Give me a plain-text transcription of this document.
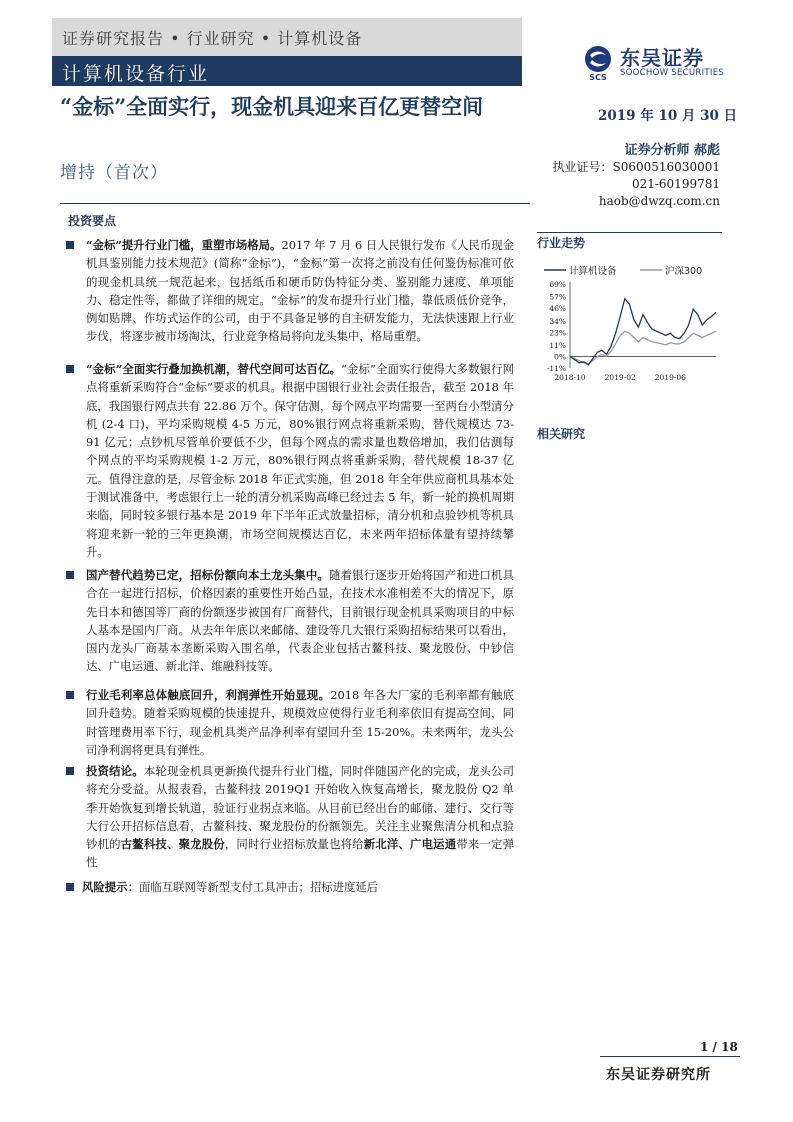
证券研究报告 • 行业研究 • 计算机设备
计算机设备行业	SCS
东吴证券
SOOCHOW SECURITIES
“金标”全面实行，现金机具迎来百亿更替空间
增持（首次）
2019 年 10 月 30 日
证券分析师 郝彪
执业证号：S0600516030001
021-60199781
haob@dwzq.com.cn
投资要点
“金标”提升行业门槛，重塑市场格局。2017 年 7 月 6 日人民银行发布《人民币现金机具鉴别能力技术规范》(简称“金标”)，“金标”第一次将之前没有任何鉴伪标准可依的现金机具统一规范起来，包括纸币和硬币防伪特征分类、鉴别能力速度、单项能力、稳定性等，都做了详细的规定。“金标”的发布提升行业门槛，靠低质低价竞争，例如贴牌、作坊式运作的公司，由于不具备足够的自主研发能力，无法快速跟上行业步伐，将逐步被市场淘汰，行业竞争格局将向龙头集中，格局重塑。
“金标”全面实行叠加换机潮，替代空间可达百亿。“金标”全面实行使得大多数银行网点将重新采购符合“金标”要求的机具。根据中国银行业社会责任报告，截至 2018 年底，我国银行网点共有 22.86 万个。保守估测，每个网点平均需要一至两台小型清分机 (2-4 口)，平均采购规模 4-5 万元，80%银行网点将重新采购，替代规模达 73-91 亿元；点钞机尽管单价要低不少，但每个网点的需求量也数倍增加，我们估测每个网点的平均采购规模 1-2 万元，80%银行网点将重新采购，替代规模 18-37 亿元。值得注意的是，尽管金标 2018 年正式实施，但 2018 年全年供应商机具基本处于测试准备中，考虑银行上一轮的清分机采购高峰已经过去 5 年，新一轮的换机周期来临，同时较多银行基本是 2019 年下半年正式放量招标，清分机和点验钞机等机具将迎来新一轮的三年更换潮，市场空间规模达百亿，未来两年招标体量有望持续攀升。
国产替代趋势已定，招标份额向本土龙头集中。随着银行逐步开始将国产和进口机具合在一起进行招标，价格因素的重要性开始凸显，在技术水准相差不大的情况下，原先日本和德国等厂商的份额逐步被国有厂商替代，目前银行现金机具采购项目的中标人基本是国内厂商。从去年年底以来邮储、建设等几大银行采购招标结果可以看出，国内龙头厂商基本垄断采购入围名单，代表企业包括古鳌科技、聚龙股份、中钞信达、广电运通、新北洋、维融科技等。
行业毛利率总体触底回升，利润弹性开始显现。2018 年各大厂家的毛利率都有触底回升趋势。随着采购规模的快速提升，规模效应使得行业毛利率依旧有提高空间，同时管理费用率下行，现金机具类产品净利率有望回升至 15-20%。未来两年，龙头公司净利润将更具有弹性。
投资结论。本轮现金机具更新换代提升行业门槛，同时伴随国产化的完成，龙头公司将充分受益。从报表看，古鳌科技 2019Q1 开始收入恢复高增长，聚龙股份 Q2 单季开始恢复到增长轨道，验证行业拐点来临。从目前已经出台的邮储、建行、交行等大行公开招标信息看，古鳌科技、聚龙股份的份额领先。关注主业聚焦清分机和点验钞机的古鳌科技、聚龙股份，同时行业招标放量也将给新北洋、广电运通带来一定弹性
风险提示：面临互联网等新型支付工具冲击；招标进度延后
行业走势
计算机设备	沪深300
69%
57%
46%
34%
23%
11%
0%
-11%
2018-10	2019-02	2019-06
相关研究
1 / 18
东吴证券研究所
